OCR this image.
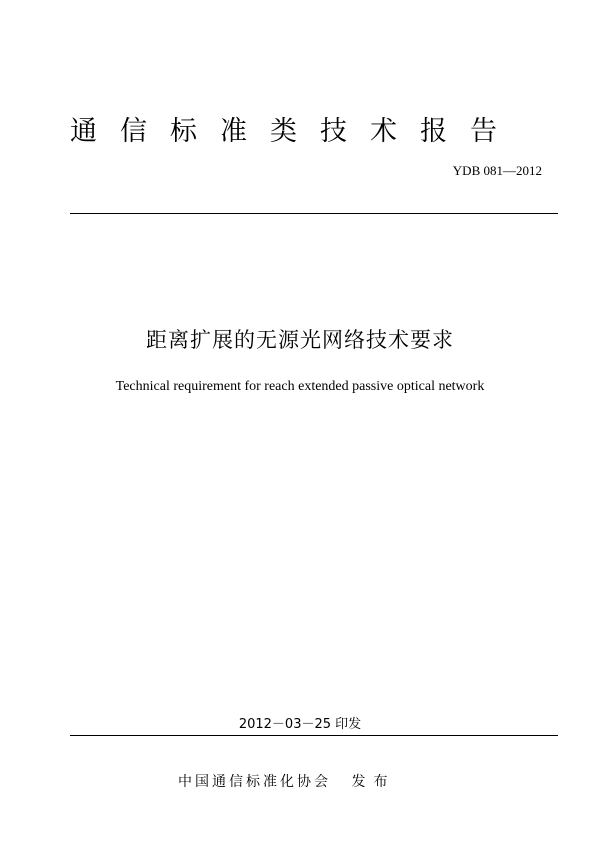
通信标准类技术报告
YDB 081—2012
距离扩展的无源光网络技术要求
Technical requirement for reach extended passive optical network
2012－03－25 印发
中国通信标准化协会 发布
